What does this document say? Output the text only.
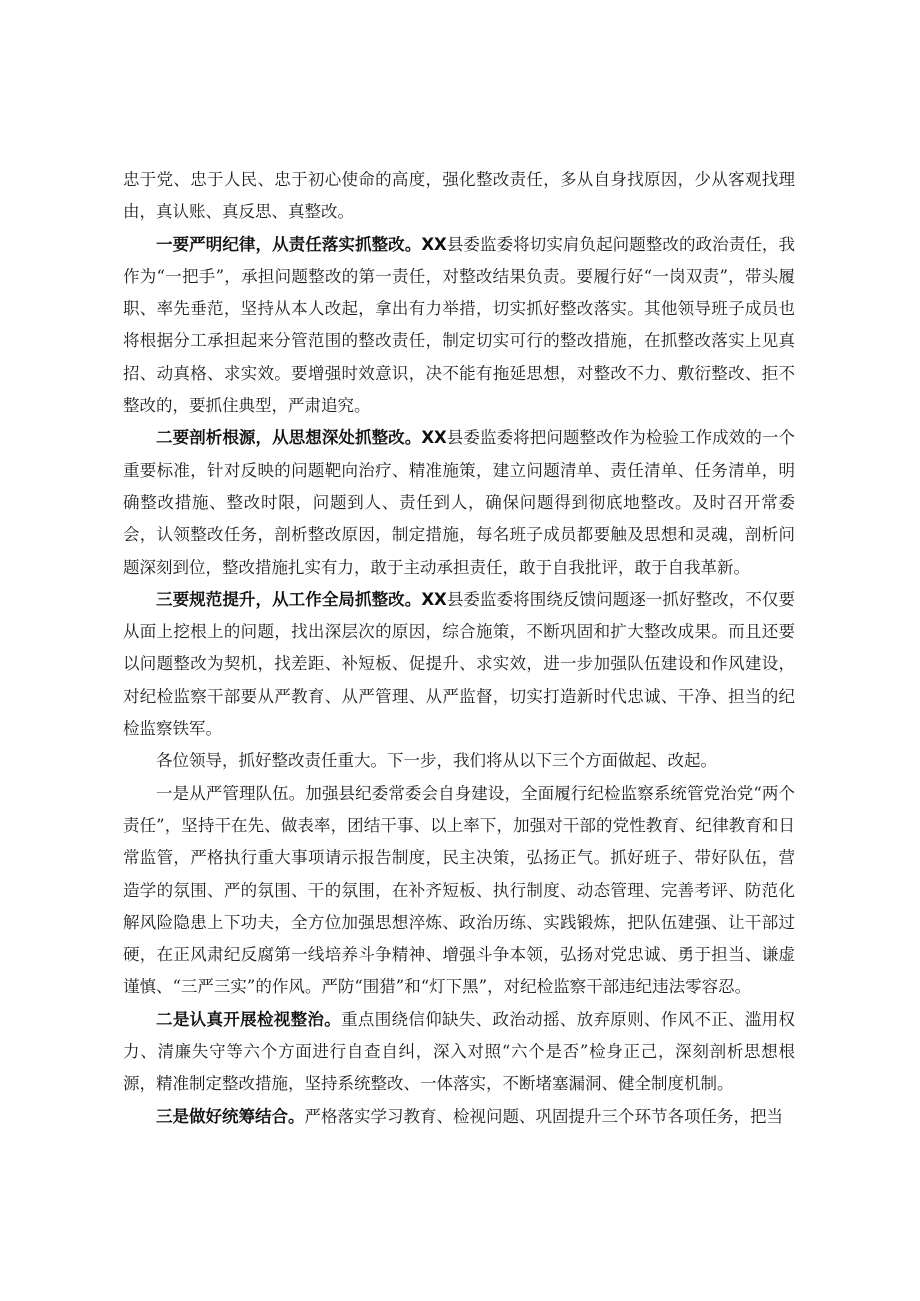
忠于党、忠于人民、忠于初心使命的高度，强化整改责任，多从自身找原因，少从客观找理由，真认账、真反思、真整改。

一要严明纪律，从责任落实抓整改。XX县委监委将切实肩负起问题整改的政治责任，我作为“一把手”，承担问题整改的第一责任，对整改结果负责。要履行好“一岗双责”，带头履职、率先垂范，坚持从本人改起，拿出有力举措，切实抓好整改落实。其他领导班子成员也将根据分工承担起来分管范围的整改责任，制定切实可行的整改措施，在抓整改落实上见真招、动真格、求实效。要增强时效意识，决不能有拖延思想，对整改不力、敷衍整改、拒不整改的，要抓住典型，严肃追究。

二要剖析根源，从思想深处抓整改。XX县委监委将把问题整改作为检验工作成效的一个重要标准，针对反映的问题靶向治疗、精准施策，建立问题清单、责任清单、任务清单，明确整改措施、整改时限，问题到人、责任到人，确保问题得到彻底地整改。及时召开常委会，认领整改任务，剖析整改原因，制定措施，每名班子成员都要触及思想和灵魂，剖析问题深刻到位，整改措施扎实有力，敢于主动承担责任，敢于自我批评，敢于自我革新。

三要规范提升，从工作全局抓整改。XX县委监委将围绕反馈问题逐一抓好整改，不仅要从面上挖根上的问题，找出深层次的原因，综合施策，不断巩固和扩大整改成果。而且还要以问题整改为契机，找差距、补短板、促提升、求实效，进一步加强队伍建设和作风建设，对纪检监察干部要从严教育、从严管理、从严监督，切实打造新时代忠诚、干净、担当的纪检监察铁军。

各位领导，抓好整改责任重大。下一步，我们将从以下三个方面做起、改起。

一是从严管理队伍。加强县纪委常委会自身建设，全面履行纪检监察系统管党治党“两个责任”，坚持干在先、做表率，团结干事、以上率下，加强对干部的党性教育、纪律教育和日常监管，严格执行重大事项请示报告制度，民主决策，弘扬正气。抓好班子、带好队伍，营造学的氛围、严的氛围、干的氛围，在补齐短板、执行制度、动态管理、完善考评、防范化解风险隐患上下功夫，全方位加强思想淬炼、政治历练、实践锻炼，把队伍建强、让干部过硬，在正风肃纪反腐第一线培养斗争精神、增强斗争本领，弘扬对党忠诚、勇于担当、谦虚谨慎、“三严三实”的作风。严防“围猎”和“灯下黑”，对纪检监察干部违纪违法零容忍。

二是认真开展检视整治。重点围绕信仰缺失、政治动摇、放弃原则、作风不正、滥用权力、清廉失守等六个方面进行自查自纠，深入对照“六个是否”检身正己，深刻剖析思想根源，精准制定整改措施，坚持系统整改、一体落实，不断堵塞漏洞、健全制度机制。

三是做好统筹结合。严格落实学习教育、检视问题、巩固提升三个环节各项任务，把当
